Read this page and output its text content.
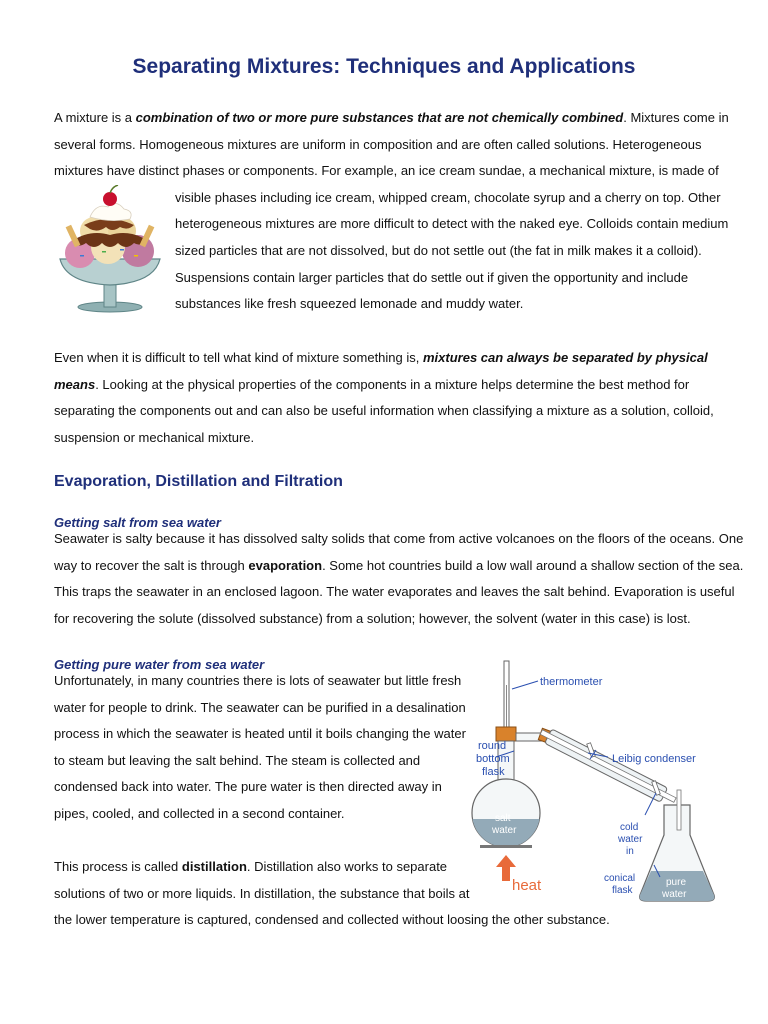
Separating Mixtures: Techniques and Applications

A mixture is a combination of two or more pure substances that are not chemically combined. Mixtures come in
several forms. Homogeneous mixtures are uniform in composition and are often called solutions. Heterogeneous
mixtures have distinct phases or components. For example, an ice cream sundae, a mechanical mixture, is made of
visible phases including ice cream, whipped cream, chocolate syrup and a cherry on top. Other
heterogeneous mixtures are more difficult to detect with the naked eye. Colloids contain medium
sized particles that are not dissolved, but do not settle out (the fat in milk makes it a colloid).
Suspensions contain larger particles that do settle out if given the opportunity and include
substances like fresh squeezed lemonade and muddy water.

Even when it is difficult to tell what kind of mixture something is, mixtures can always be separated by physical
means. Looking at the physical properties of the components in a mixture helps determine the best method for
separating the components out and can also be useful information when classifying a mixture as a solution, colloid,
suspension or mechanical mixture.

Evaporation, Distillation and Filtration
Getting salt from sea water

Seawater is salty because it has dissolved salty solids that come from active volcanoes on the floors of the oceans. One
way to recover the salt is through evaporation. Some hot countries build a low wall around a shallow section of the sea.
This traps the seawater in an enclosed lagoon. The water evaporates and leaves the salt behind. Evaporation is useful
for recovering the solute (dissolved substance) from a solution; however, the solvent (water in this case) is lost.

Getting pure water from sea water

Unfortunately, in many countries there is lots of seawater but little fresh
water for people to drink. The seawater can be purified in a desalination
process in which the seawater is heated until it boils changing the water
to steam but leaving the salt behind. The steam is collected and
condensed back into water. The pure water is then directed away in
pipes, cooled, and collected in a second container.

This process is called distillation. Distillation also works to separate
solutions of two or more liquids. In distillation, the substance that boils at
the lower temperature is captured, condensed and collected without loosing the other substance.

thermometer
round
bottom
flask
Leibig condenser
salt
water	cold
water
in
heat	conical
flask
pure
water
